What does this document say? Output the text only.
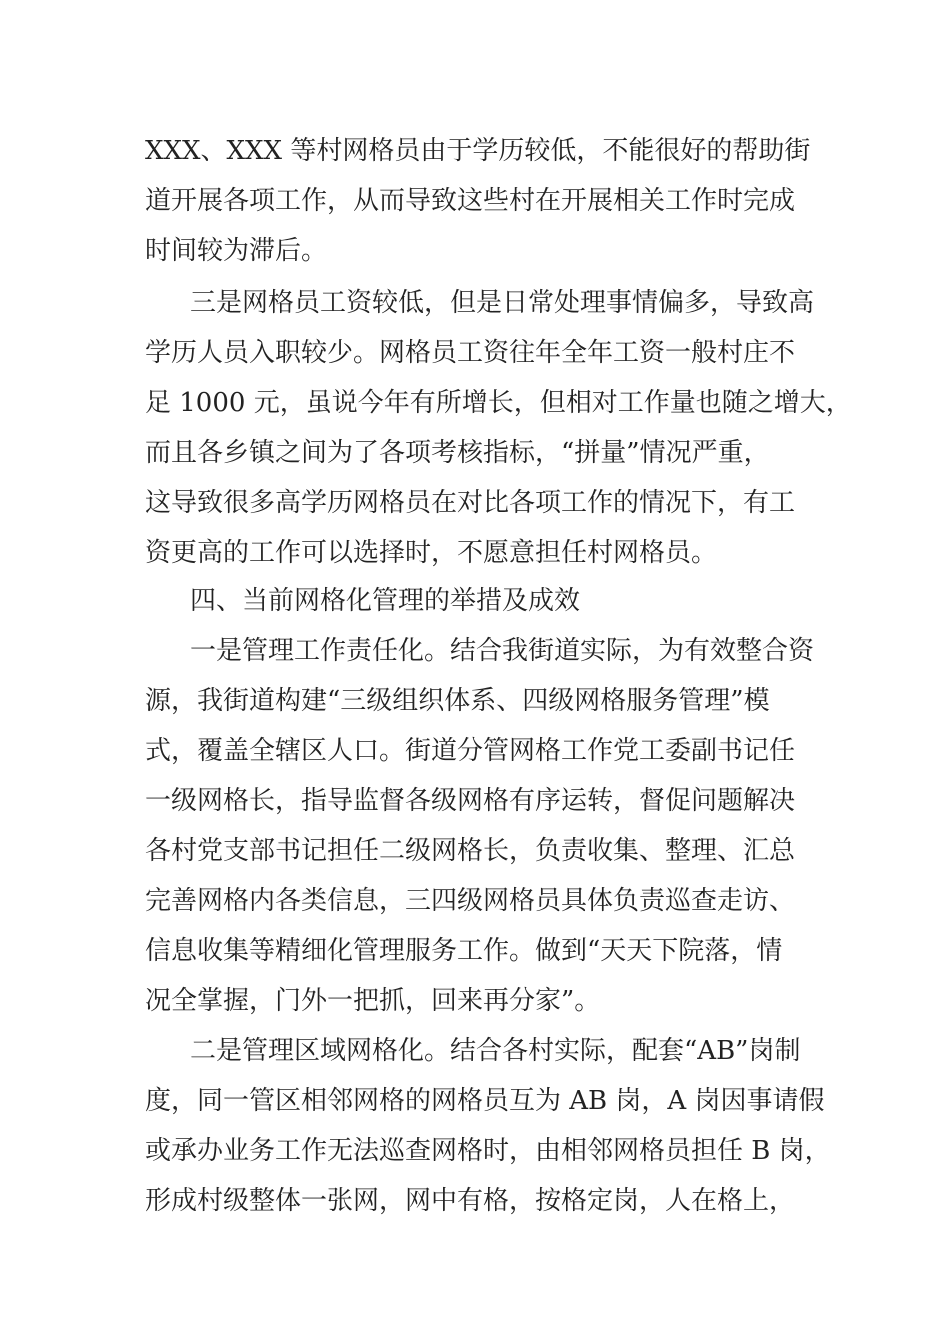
XXX、XXX 等村网格员由于学历较低，不能很好的帮助街
道开展各项工作，从而导致这些村在开展相关工作时完成
时间较为滞后。
三是网格员工资较低，但是日常处理事情偏多，导致高
学历人员入职较少。网格员工资往年全年工资一般村庄不
足 1000 元，虽说今年有所增长，但相对工作量也随之增大，
而且各乡镇之间为了各项考核指标，“拼量”情况严重，
这导致很多高学历网格员在对比各项工作的情况下，有工
资更高的工作可以选择时，不愿意担任村网格员。
四、当前网格化管理的举措及成效
一是管理工作责任化。结合我街道实际，为有效整合资
源，我街道构建“三级组织体系、四级网格服务管理”模
式，覆盖全辖区人口。街道分管网格工作党工委副书记任
一级网格长，指导监督各级网格有序运转，督促问题解决
各村党支部书记担任二级网格长，负责收集、整理、汇总
完善网格内各类信息，三四级网格员具体负责巡查走访、
信息收集等精细化管理服务工作。做到“天天下院落，情
况全掌握，门外一把抓，回来再分家”。
二是管理区域网格化。结合各村实际，配套“AB”岗制
度，同一管区相邻网格的网格员互为 AB 岗，A 岗因事请假
或承办业务工作无法巡查网格时，由相邻网格员担任 B 岗，
形成村级整体一张网，网中有格，按格定岗，人在格上，
